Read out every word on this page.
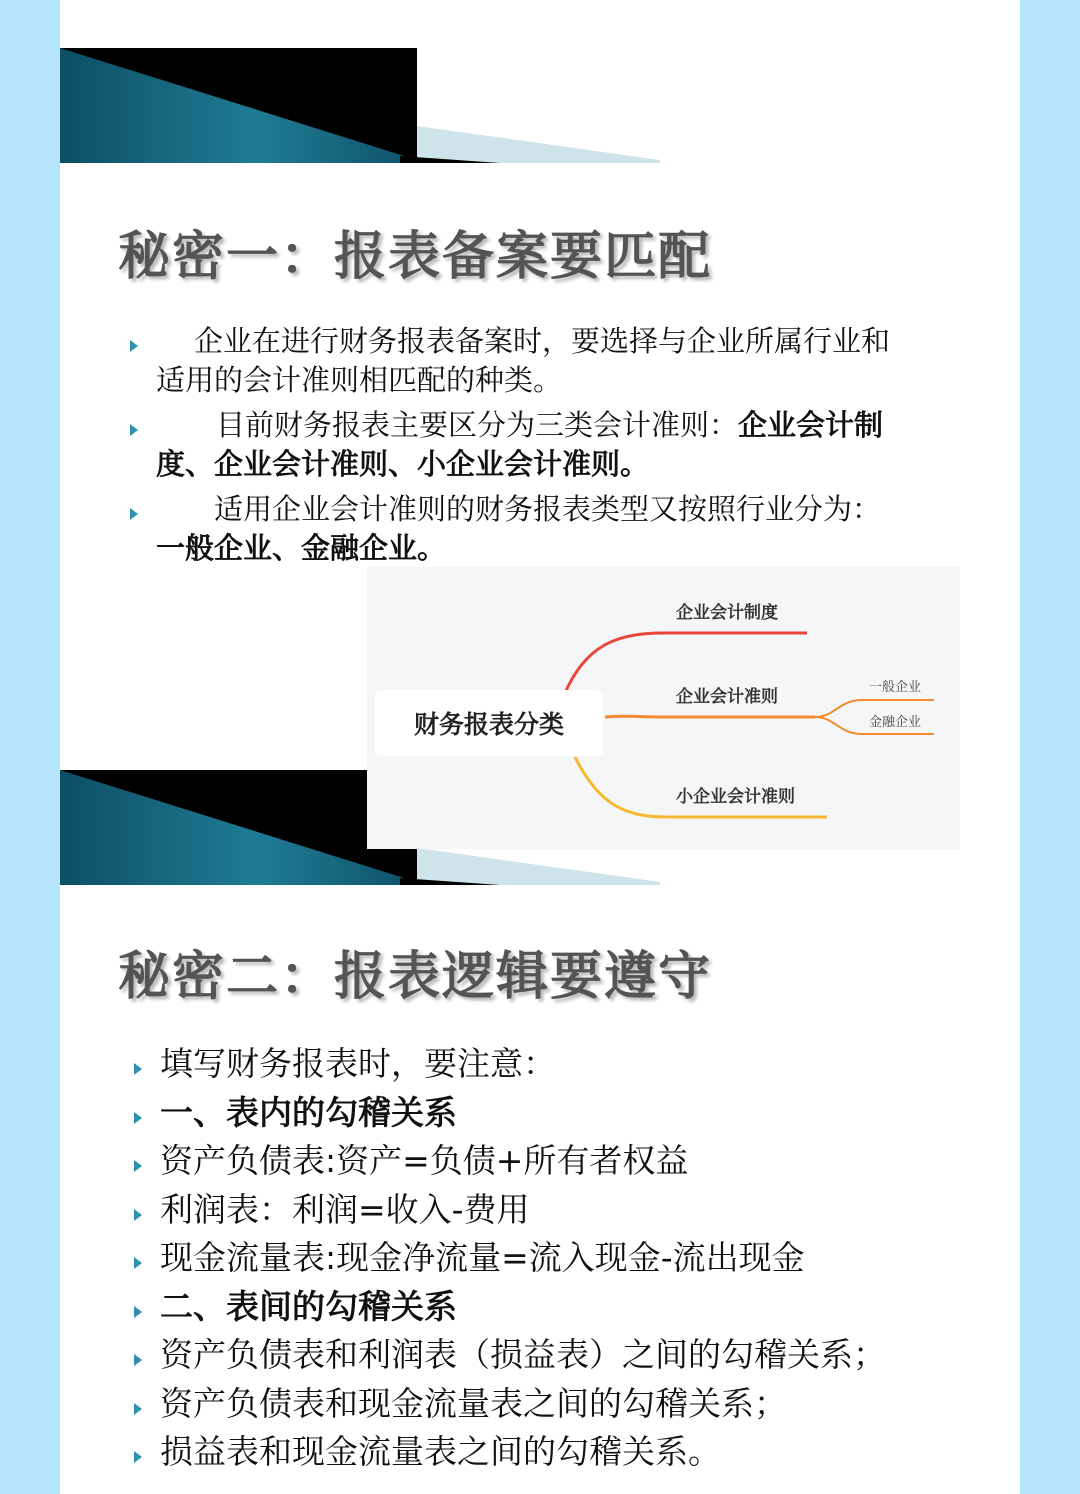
秘密一：报表备案要匹配
企业在进行财务报表备案时，要选择与企业所属行业和
适用的会计准则相匹配的种类。
目前财务报表主要区分为三类会计准则：企业会计制
度、企业会计准则、小企业会计准则。
适用企业会计准则的财务报表类型又按照行业分为：
一般企业、金融企业。
秘密二：报表逻辑要遵守
填写财务报表时，要注意：
一、表内的勾稽关系
资产负债表:资产=负债+所有者权益
利润表：利润=收入-费用
现金流量表:现金净流量=流入现金-流出现金
二、表间的勾稽关系
资产负债表和利润表（损益表）之间的勾稽关系；
资产负债表和现金流量表之间的勾稽关系；
损益表和现金流量表之间的勾稽关系。
财务报表分类
企业会计制度
企业会计准则
小企业会计准则
一般企业
金融企业
